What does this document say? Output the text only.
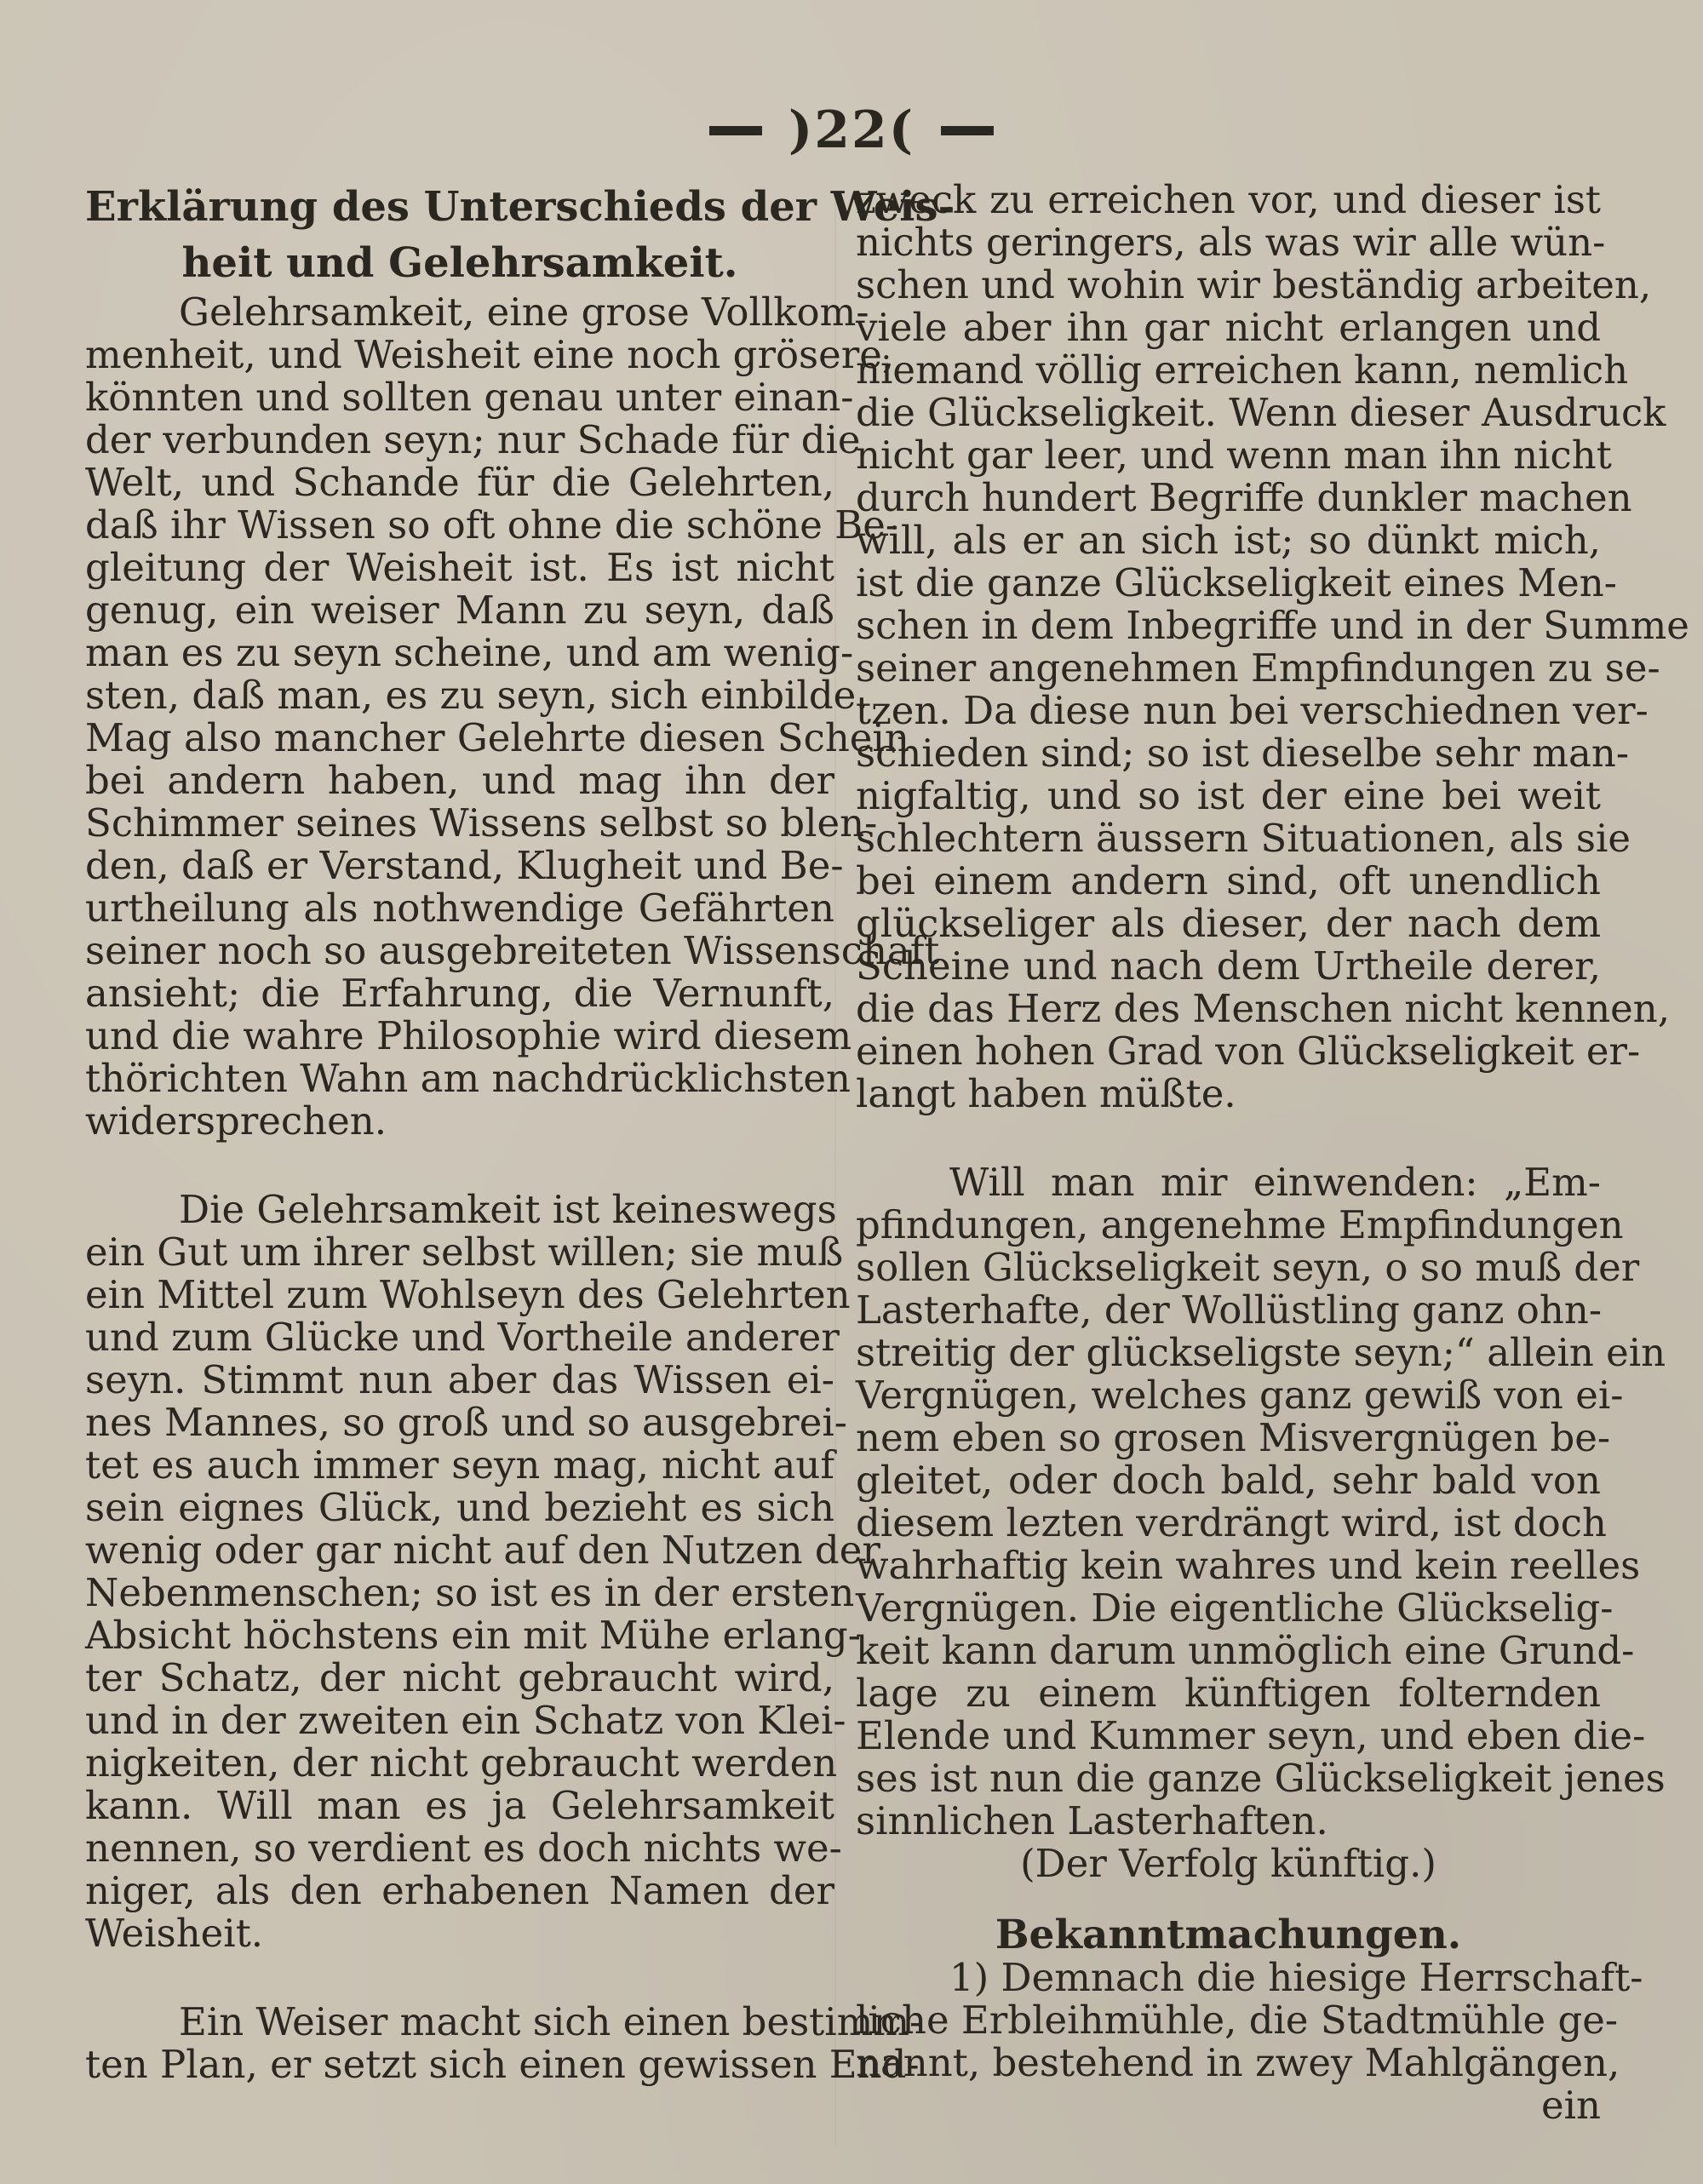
)22(
Erklärung des Unterschieds der Weis-
heit und Gelehrsamkeit.
Gelehrsamkeit, eine grose Vollkom-
menheit, und Weisheit eine noch grösere,
könnten und sollten genau unter einan-
der verbunden seyn; nur Schade für die
Welt, und Schande für die Gelehrten,
daß ihr Wissen so oft ohne die schöne Be-
gleitung der Weisheit ist. Es ist nicht
genug, ein weiser Mann zu seyn, daß
man es zu seyn scheine, und am wenig-
sten, daß man, es zu seyn, sich einbilde.
Mag also mancher Gelehrte diesen Schein
bei andern haben, und mag ihn der
Schimmer seines Wissens selbst so blen-
den, daß er Verstand, Klugheit und Be-
urtheilung als nothwendige Gefährten
seiner noch so ausgebreiteten Wissenschaft
ansieht; die Erfahrung, die Vernunft,
und die wahre Philosophie wird diesem
thörichten Wahn am nachdrücklichsten
widersprechen.
Die Gelehrsamkeit ist keineswegs
ein Gut um ihrer selbst willen; sie muß
ein Mittel zum Wohlseyn des Gelehrten
und zum Glücke und Vortheile anderer
seyn. Stimmt nun aber das Wissen ei-
nes Mannes, so groß und so ausgebrei-
tet es auch immer seyn mag, nicht auf
sein eignes Glück, und bezieht es sich
wenig oder gar nicht auf den Nutzen der
Nebenmenschen; so ist es in der ersten
Absicht höchstens ein mit Mühe erlang-
ter Schatz, der nicht gebraucht wird,
und in der zweiten ein Schatz von Klei-
nigkeiten, der nicht gebraucht werden
kann. Will man es ja Gelehrsamkeit
nennen, so verdient es doch nichts we-
niger, als den erhabenen Namen der
Weisheit.
Ein Weiser macht sich einen bestimm-
ten Plan, er setzt sich einen gewissen End-
zweck zu erreichen vor, und dieser ist
nichts geringers, als was wir alle wün-
schen und wohin wir beständig arbeiten,
viele aber ihn gar nicht erlangen und
niemand völlig erreichen kann, nemlich
die Glückseligkeit. Wenn dieser Ausdruck
nicht gar leer, und wenn man ihn nicht
durch hundert Begriffe dunkler machen
will, als er an sich ist; so dünkt mich,
ist die ganze Glückseligkeit eines Men-
schen in dem Inbegriffe und in der Summe
seiner angenehmen Empfindungen zu se-
tzen. Da diese nun bei verschiednen ver-
schieden sind; so ist dieselbe sehr man-
nigfaltig, und so ist der eine bei weit
schlechtern äussern Situationen, als sie
bei einem andern sind, oft unendlich
glückseliger als dieser, der nach dem
Scheine und nach dem Urtheile derer,
die das Herz des Menschen nicht kennen,
einen hohen Grad von Glückseligkeit er-
langt haben müßte.
Will man mir einwenden: „Em-
pfindungen, angenehme Empfindungen
sollen Glückseligkeit seyn, o so muß der
Lasterhafte, der Wollüstling ganz ohn-
streitig der glückseligste seyn;“ allein ein
Vergnügen, welches ganz gewiß von ei-
nem eben so grosen Misvergnügen be-
gleitet, oder doch bald, sehr bald von
diesem lezten verdrängt wird, ist doch
wahrhaftig kein wahres und kein reelles
Vergnügen. Die eigentliche Glückselig-
keit kann darum unmöglich eine Grund-
lage zu einem künftigen folternden
Elende und Kummer seyn, und eben die-
ses ist nun die ganze Glückseligkeit jenes
sinnlichen Lasterhaften.
(Der Verfolg künftig.)
Bekanntmachungen.
1) Demnach die hiesige Herrschaft-
liche Erbleihmühle, die Stadtmühle ge-
nannt, bestehend in zwey Mahlgängen,
ein
